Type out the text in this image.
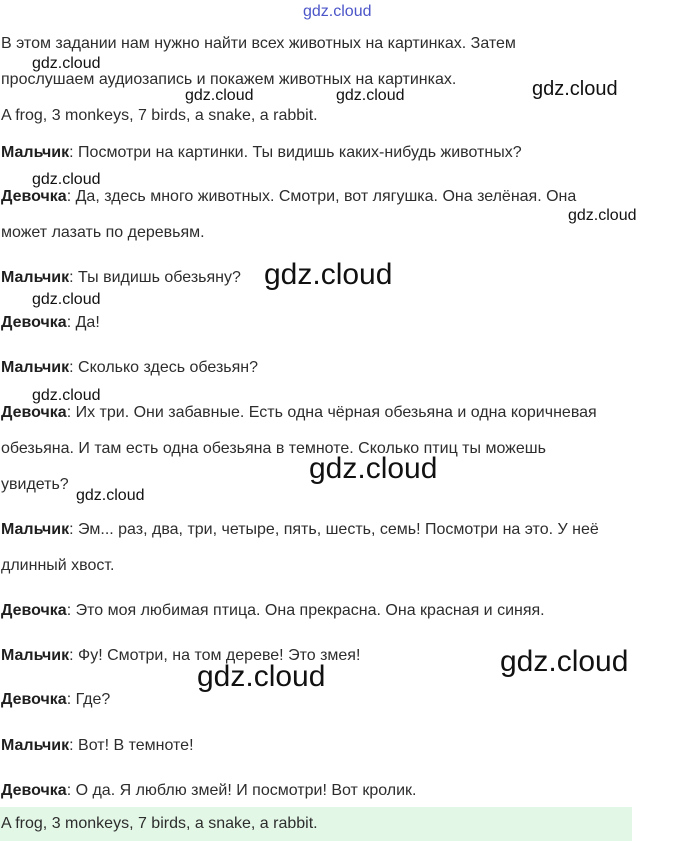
gdz.cloud

В этом задании нам нужно найти всех животных на картинках. Затем

прослушаем аудиозапись и покажем животных на картинках.

A frog, 3 monkeys, 7 birds, a snake, a rabbit.

Мальчик: Посмотри на картинки. Ты видишь каких-нибудь животных?

Девочка: Да, здесь много животных. Смотри, вот лягушка. Она зелёная. Она

может лазать по деревьям.

Мальчик: Ты видишь обезьяну?

Девочка: Да!

Мальчик: Сколько здесь обезьян?

Девочка: Их три. Они забавные. Есть одна чёрная обезьяна и одна коричневая

обезьяна. И там есть одна обезьяна в темноте. Сколько птиц ты можешь

увидеть?

Мальчик: Эм... раз, два, три, четыре, пять, шесть, семь! Посмотри на это. У неё

длинный хвост.

Девочка: Это моя любимая птица. Она прекрасна. Она красная и синяя.

Мальчик: Фу! Смотри, на том дереве! Это змея!

Девочка: Где?

Мальчик: Вот! В темноте!

Девочка: О да. Я люблю змей! И посмотри! Вот кролик.

A frog, 3 monkeys, 7 birds, a snake, a rabbit.

gdz.cloud
gdz.cloud	gdz.cloud	gdz.cloud
gdz.cloud
gdz.cloud
gdz.cloud
gdz.cloud
gdz.cloud
gdz.cloud
gdz.cloud
gdz.cloud
gdz.cloud
